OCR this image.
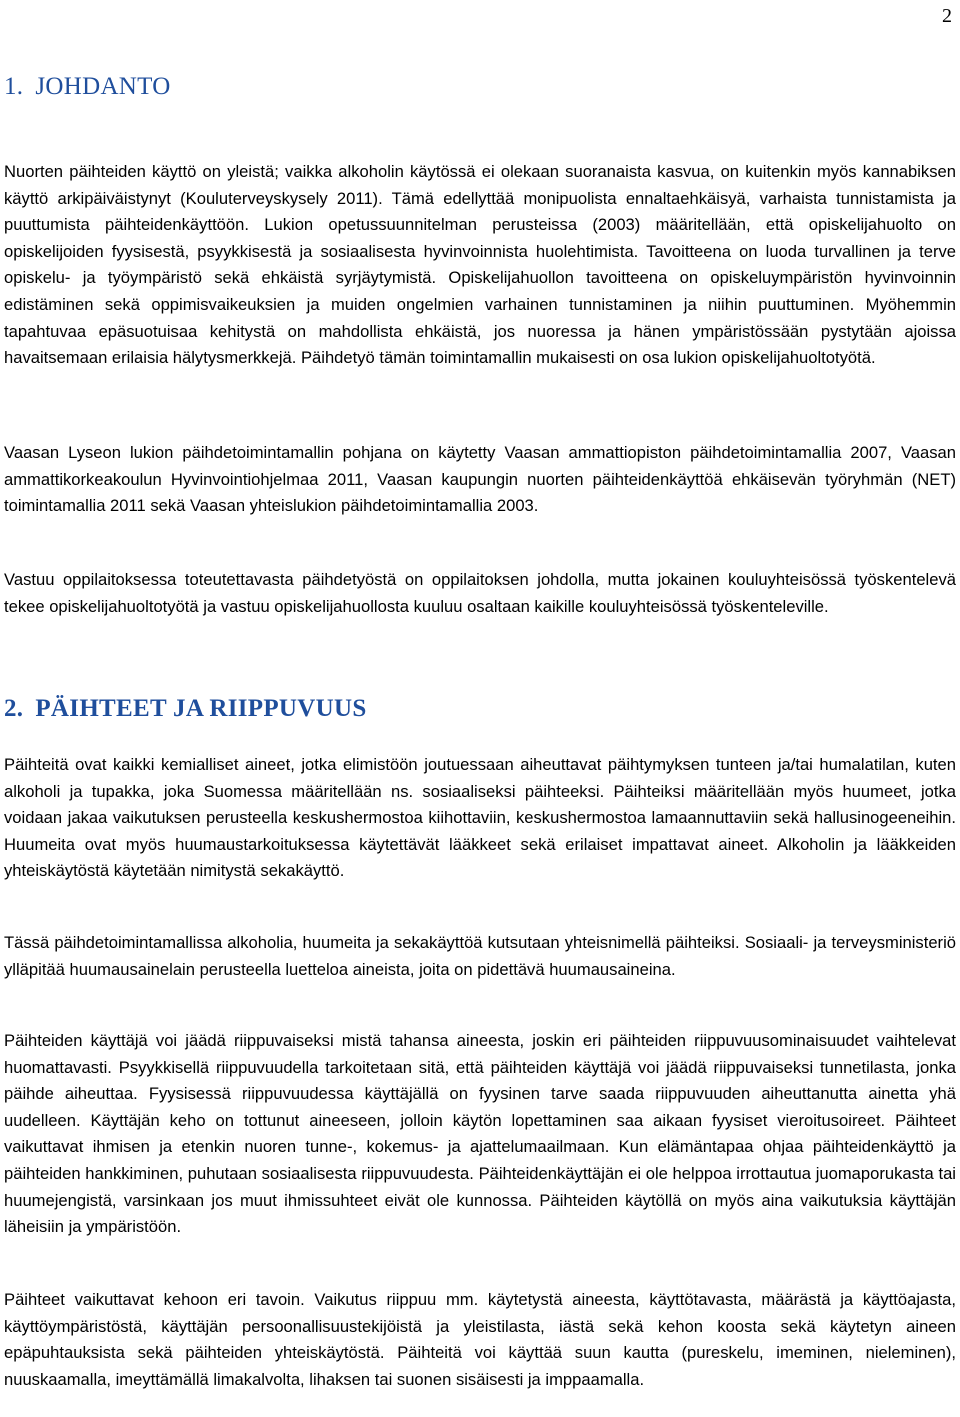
2
1. JOHDANTO

Nuorten päihteiden käyttö on yleistä; vaikka alkoholin käytössä ei olekaan suoranaista kasvua, on kuitenkin myös kannabiksen käyttö arkipäiväistynyt (Kouluterveyskysely 2011). Tämä edellyttää monipuolista ennaltaehkäisyä, varhaista tunnistamista ja puuttumista päihteidenkäyttöön. Lukion opetussuunnitelman perusteissa (2003) määritellään, että opiskelijahuolto on opiskelijoiden fyysisestä, psyykkisestä ja sosiaalisesta hyvinvoinnista huolehtimista. Tavoitteena on luoda turvallinen ja terve opiskelu- ja työympäristö sekä ehkäistä syrjäytymistä. Opiskelijahuollon tavoitteena on opiskeluympäristön hyvinvoinnin edistäminen sekä oppimisvaikeuksien ja muiden ongelmien varhainen tunnistaminen ja niihin puuttuminen. Myöhemmin tapahtuvaa epäsuotuisaa kehitystä on mahdollista ehkäistä, jos nuoressa ja hänen ympäristössään pystytään ajoissa havaitsemaan erilaisia hälytysmerkkejä. Päihdetyö tämän toimintamallin mukaisesti on osa lukion opiskelijahuoltotyötä.

Vaasan Lyseon lukion päihdetoimintamallin pohjana on käytetty Vaasan ammattiopiston päihdetoimintamallia 2007, Vaasan ammattikorkeakoulun Hyvinvointiohjelmaa 2011, Vaasan kaupungin nuorten päihteidenkäyttöä ehkäisevän työryhmän (NET) toimintamallia 2011 sekä Vaasan yhteislukion päihdetoimintamallia 2003.

Vastuu oppilaitoksessa toteutettavasta päihdetyöstä on oppilaitoksen johdolla, mutta jokainen kouluyhteisössä työskentelevä tekee opiskelijahuoltotyötä ja vastuu opiskelijahuollosta kuuluu osaltaan kaikille kouluyhteisössä työskenteleville.

2. PÄIHTEET JA RIIPPUVUUS

Päihteitä ovat kaikki kemialliset aineet, jotka elimistöön joutuessaan aiheuttavat päihtymyksen tunteen ja/tai humalatilan, kuten alkoholi ja tupakka, joka Suomessa määritellään ns. sosiaaliseksi päihteeksi. Päihteiksi määritellään myös huumeet, jotka voidaan jakaa vaikutuksen perusteella keskushermostoa kiihottaviin, keskushermostoa lamaannuttaviin sekä hallusinogeeneihin. Huumeita ovat myös huumaustarkoituksessa käytettävät lääkkeet sekä erilaiset impattavat aineet. Alkoholin ja lääkkeiden yhteiskäytöstä käytetään nimitystä sekakäyttö.

Tässä päihdetoimintamallissa alkoholia, huumeita ja sekakäyttöä kutsutaan yhteisnimellä päihteiksi. Sosiaali- ja terveysministeriö ylläpitää huumausainelain perusteella luetteloa aineista, joita on pidettävä huumausaineina.

Päihteiden käyttäjä voi jäädä riippuvaiseksi mistä tahansa aineesta, joskin eri päihteiden riippuvuusominaisuudet vaihtelevat huomattavasti. Psyykkisellä riippuvuudella tarkoitetaan sitä, että päihteiden käyttäjä voi jäädä riippuvaiseksi tunnetilasta, jonka päihde aiheuttaa. Fyysisessä riippuvuudessa käyttäjällä on fyysinen tarve saada riippuvuuden aiheuttanutta ainetta yhä uudelleen. Käyttäjän keho on tottunut aineeseen, jolloin käytön lopettaminen saa aikaan fyysiset vieroitusoireet. Päihteet vaikuttavat ihmisen ja etenkin nuoren tunne-, kokemus- ja ajattelumaailmaan. Kun elämäntapaa ohjaa päihteidenkäyttö ja päihteiden hankkiminen, puhutaan sosiaalisesta riippuvuudesta. Päihteidenkäyttäjän ei ole helppoa irrottautua juomaporukasta tai huumejengistä, varsinkaan jos muut ihmissuhteet eivät ole kunnossa. Päihteiden käytöllä on myös aina vaikutuksia käyttäjän läheisiin ja ympäristöön.

Päihteet vaikuttavat kehoon eri tavoin. Vaikutus riippuu mm. käytetystä aineesta, käyttötavasta, määrästä ja käyttöajasta, käyttöympäristöstä, käyttäjän persoonallisuustekijöistä ja yleistilasta, iästä sekä kehon koosta sekä käytetyn aineen epäpuhtauksista sekä päihteiden yhteiskäytöstä. Päihteitä voi käyttää suun kautta (pureskelu, imeminen, nieleminen), nuuskaamalla, imeyttämällä limakalvolta, lihaksen tai suonen sisäisesti ja imppaamalla.
